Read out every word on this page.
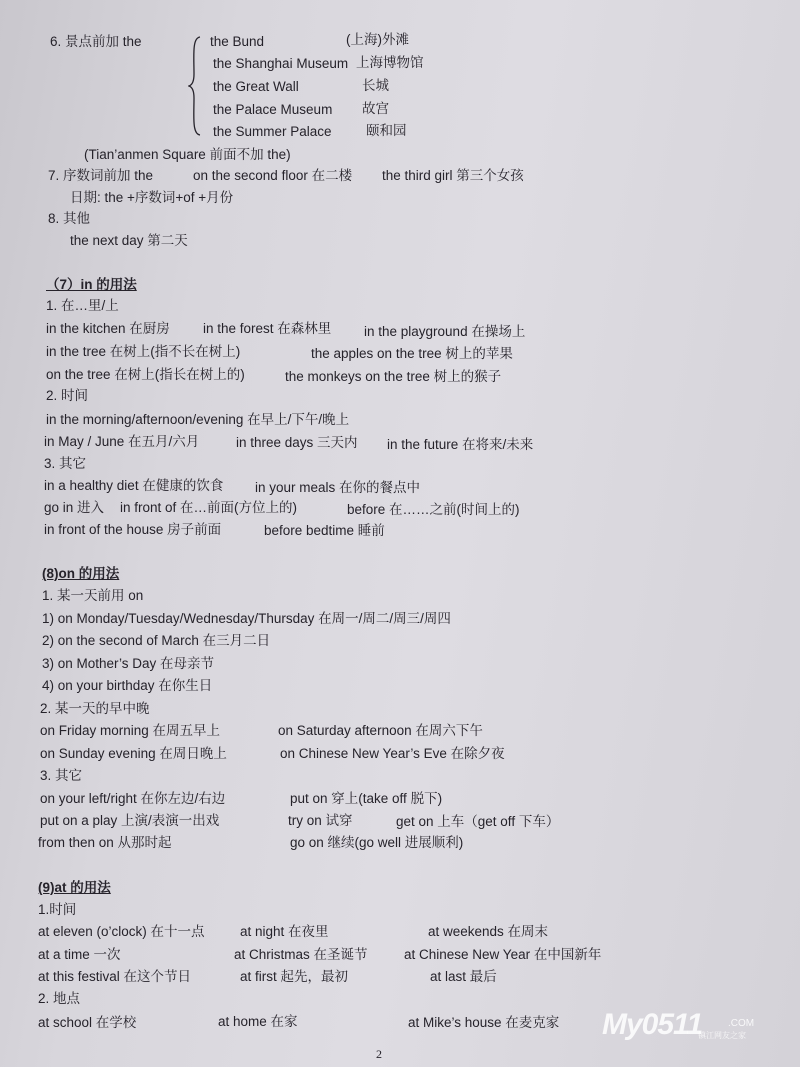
6. 景点前加 the	the Bund	(上海)外滩
the Shanghai Museum 上海博物馆
the Great Wall	长城
the Palace Museum 故宫
the Summer Palace	颐和园
(Tian’anmen Square 前面不加 the)
7. 序数词前加 the	on the second floor 在二楼 the third girl 第三个女孩
日期: the +序数词+of +月份
8. 其他
the next day 第二天
（7）in 的用法
1. 在…里/上
in the kitchen 在厨房 in the forest 在森林里 in the playground 在操场上
in the tree 在树上(指不长在树上)	the apples on the tree 树上的苹果
on the tree 在树上(指长在树上的)	the monkeys on the tree 树上的猴子
2. 时间
in the morning/afternoon/evening 在早上/下午/晚上
in May / June 在五月/六月	in three days 三天内 in the future 在将来/未来
3. 其它
in a healthy diet 在健康的饮食 in your meals 在你的餐点中
go in 进入 in front of 在…前面(方位上的)	before 在……之前(时间上的)
in front of the house 房子前面	before bedtime 睡前
(8)on 的用法
1. 某一天前用 on
1) on Monday/Tuesday/Wednesday/Thursday 在周一/周二/周三/周四
2) on the second of March 在三月二日
3) on Mother’s Day 在母亲节
4) on your birthday 在你生日
2. 某一天的早中晚
on Friday morning 在周五早上	on Saturday afternoon 在周六下午
on Sunday evening 在周日晚上	on Chinese New Year’s Eve 在除夕夜
3. 其它
on your left/right 在你左边/右边	put on 穿上(take off 脱下)
put on a play 上演/表演一出戏	try on 试穿	get on 上车（get off 下车）
from then on 从那时起	go on 继续(go well 进展顺利)
(9)at 的用法
1.时间
at eleven (o’clock) 在十一点	at night 在夜里	at weekends 在周末
at a time 一次	at Christmas 在圣诞节	at Chinese New Year 在中国新年
at this festival 在这个节日	at first 起先，最初	at last 最后
2. 地点
at school 在学校	at home 在家	at Mike’s house 在麦克家
2
My0511	.COM
镇江网友之家
